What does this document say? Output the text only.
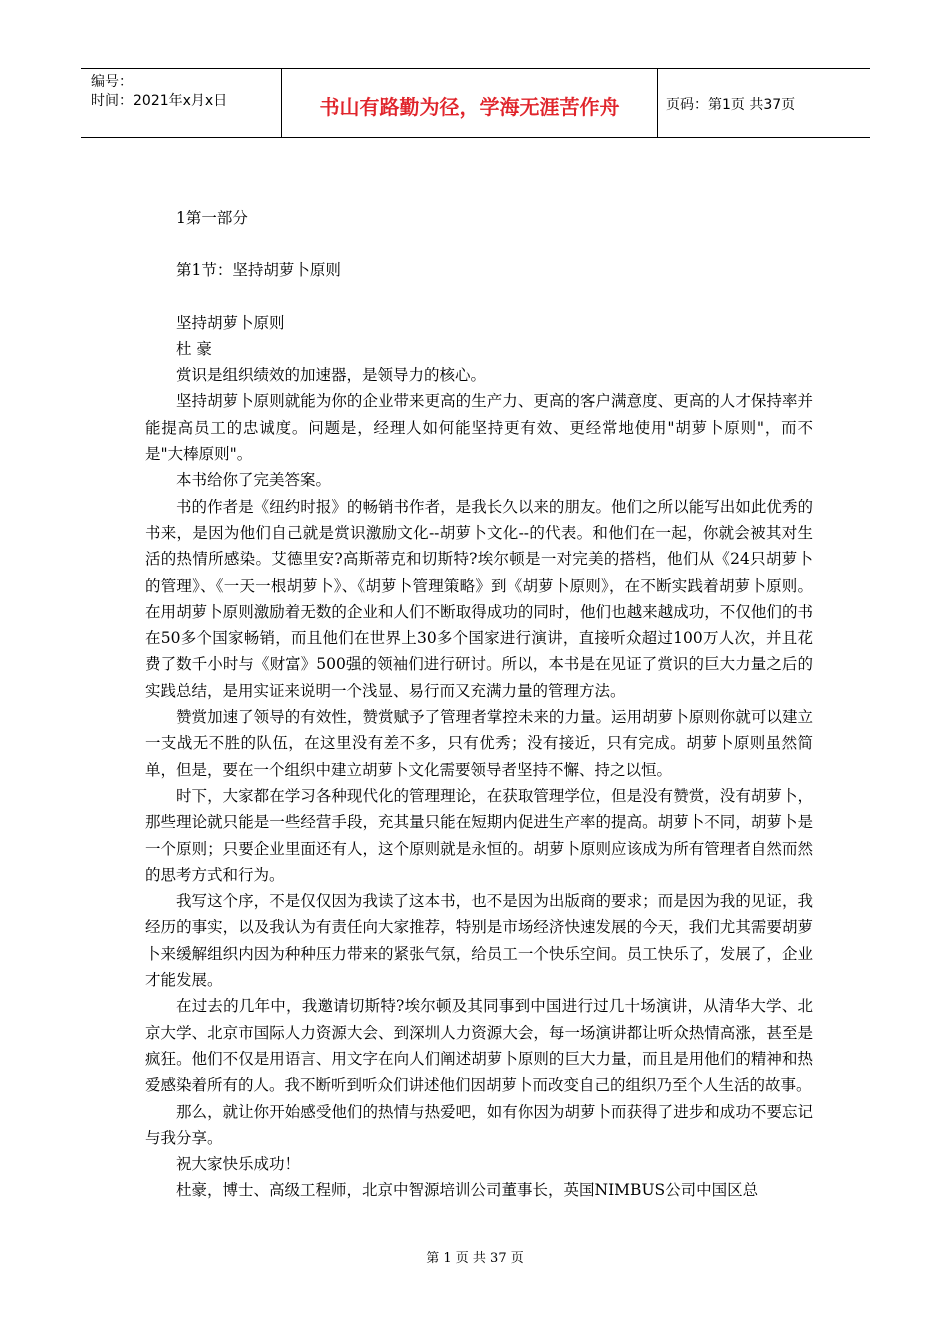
编号：
时间：2021年x月x日	书山有路勤为径，学海无涯苦作舟	页码：第1页 共37页
1第一部分
第1节：坚持胡萝卜原则
坚持胡萝卜原则
杜 豪

赏识是组织绩效的加速器，是领导力的核心。

坚持胡萝卜原则就能为你的企业带来更高的生产力、更高的客户满意度、更高的人才保持率并能提高员工的忠诚度。问题是，经理人如何能坚持更有效、更经常地使用"胡萝卜原则"，而不是"大棒原则"。

本书给你了完美答案。

书的作者是《纽约时报》的畅销书作者，是我长久以来的朋友。他们之所以能写出如此优秀的书来，是因为他们自己就是赏识激励文化--胡萝卜文化--的代表。和他们在一起，你就会被其对生活的热情所感染。艾德里安?高斯蒂克和切斯特?埃尔顿是一对完美的搭档，他们从《24只胡萝卜的管理》、《一天一根胡萝卜》、《胡萝卜管理策略》到《胡萝卜原则》，在不断实践着胡萝卜原则。在用胡萝卜原则激励着无数的企业和人们不断取得成功的同时，他们也越来越成功，不仅他们的书在50多个国家畅销，而且他们在世界上30多个国家进行演讲，直接听众超过100万人次，并且花费了数千小时与《财富》500强的领袖们进行研讨。所以，本书是在见证了赏识的巨大力量之后的实践总结，是用实证来说明一个浅显、易行而又充满力量的管理方法。

赞赏加速了领导的有效性，赞赏赋予了管理者掌控未来的力量。运用胡萝卜原则你就可以建立一支战无不胜的队伍，在这里没有差不多，只有优秀；没有接近，只有完成。胡萝卜原则虽然简单，但是，要在一个组织中建立胡萝卜文化需要领导者坚持不懈、持之以恒。

时下，大家都在学习各种现代化的管理理论，在获取管理学位，但是没有赞赏，没有胡萝卜，那些理论就只能是一些经营手段，充其量只能在短期内促进生产率的提高。胡萝卜不同，胡萝卜是一个原则；只要企业里面还有人，这个原则就是永恒的。胡萝卜原则应该成为所有管理者自然而然的思考方式和行为。

我写这个序，不是仅仅因为我读了这本书，也不是因为出版商的要求；而是因为我的见证，我经历的事实，以及我认为有责任向大家推荐，特别是市场经济快速发展的今天，我们尤其需要胡萝卜来缓解组织内因为种种压力带来的紧张气氛，给员工一个快乐空间。员工快乐了，发展了，企业才能发展。

在过去的几年中，我邀请切斯特?埃尔顿及其同事到中国进行过几十场演讲，从清华大学、北京大学、北京市国际人力资源大会、到深圳人力资源大会，每一场演讲都让听众热情高涨，甚至是疯狂。他们不仅是用语言、用文字在向人们阐述胡萝卜原则的巨大力量，而且是用他们的精神和热爱感染着所有的人。我不断听到听众们讲述他们因胡萝卜而改变自己的组织乃至个人生活的故事。

那么，就让你开始感受他们的热情与热爱吧，如有你因为胡萝卜而获得了进步和成功不要忘记与我分享。

祝大家快乐成功！

杜豪，博士、高级工程师，北京中智源培训公司董事长，英国NIMBUS公司中国区总

第 1 页 共 37 页
